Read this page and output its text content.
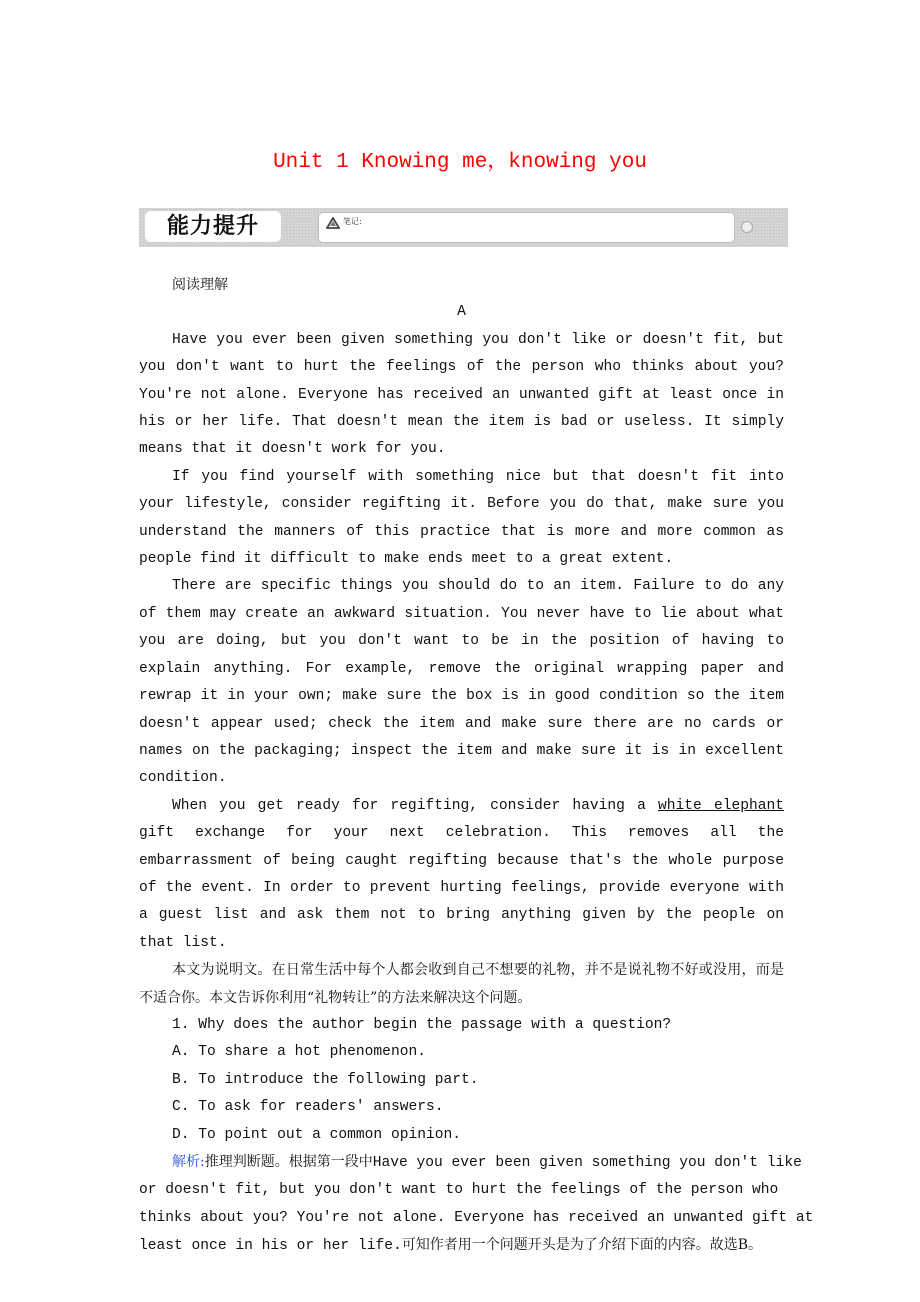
Unit 1 Knowing me，knowing you
能力提升	笔记:

阅读理解

A

Have you ever been given something you don't like or doesn't fit, but you don't want to hurt the feelings of the person who thinks about you? You're not alone. Everyone has received an unwanted gift at least once in his or her life. That doesn't mean the item is bad or useless. It simply means that it doesn't work for you.

If you find yourself with something nice but that doesn't fit into your lifestyle, consider regifting it. Before you do that, make sure you understand the manners of this practice that is more and more common as people find it difficult to make ends meet to a great extent.

There are specific things you should do to an item. Failure to do any of them may create an awkward situation. You never have to lie about what you are doing, but you don't want to be in the position of having to explain anything. For example, remove the original wrapping paper and rewrap it in your own; make sure the box is in good condition so the item doesn't appear used; check the item and make sure there are no cards or names on the packaging; inspect the item and make sure it is in excellent condition.

When you get ready for regifting, consider having a white elephant gift exchange for your next celebration. This removes all the embarrassment of being caught regifting because that's the whole purpose of the event. In order to prevent hurting feelings, provide everyone with a guest list and ask them not to bring anything given by the people on that list.

本文为说明文。在日常生活中每个人都会收到自己不想要的礼物，并不是说礼物不好或没用，而是不适合你。本文告诉你利用“礼物转让”的方法来解决这个问题。

1. Why does the author begin the passage with a question?

A. To share a hot phenomenon.

B. To introduce the following part.

C. To ask for readers' answers.

D. To point out a common opinion.

解析:推理判断题。根据第一段中Have you ever been given something you don't like or doesn't fit, but you don't want to hurt the feelings of the person who thinks about you? You're not alone. Everyone has received an unwanted gift at least once in his or her life.可知作者用一个问题开头是为了介绍下面的内容。故选B。
